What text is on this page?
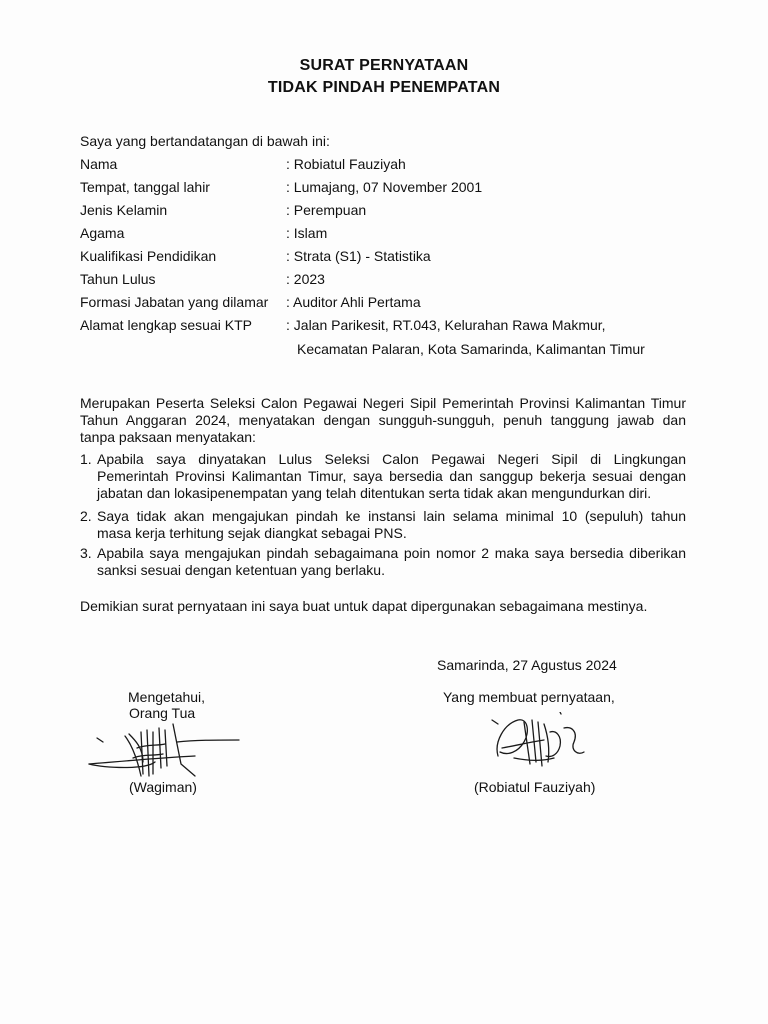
SURAT PERNYATAAN
TIDAK PINDAH PENEMPATAN
Saya yang bertandatangan di bawah ini:
Nama	: Robiatul Fauziyah
Tempat, tanggal lahir	: Lumajang, 07 November 2001
Jenis Kelamin	: Perempuan
Agama	: Islam
Kualifikasi Pendidikan	: Strata (S1) - Statistika
Tahun Lulus	: 2023
Formasi Jabatan yang dilamar : Auditor Ahli Pertama
Alamat lengkap sesuai KTP : Jalan Parikesit, RT.043, Kelurahan Rawa Makmur,
Kecamatan Palaran, Kota Samarinda, Kalimantan Timur
Merupakan Peserta Seleksi Calon Pegawai Negeri Sipil Pemerintah Provinsi Kalimantan Timur
Tahun Anggaran 2024, menyatakan dengan sungguh-sungguh, penuh tanggung jawab dan
tanpa paksaan menyatakan:
1. Apabila saya dinyatakan Lulus Seleksi Calon Pegawai Negeri Sipil di Lingkungan
Pemerintah Provinsi Kalimantan Timur, saya bersedia dan sanggup bekerja sesuai dengan
jabatan dan lokasipenempatan yang telah ditentukan serta tidak akan mengundurkan diri.
2. Saya tidak akan mengajukan pindah ke instansi lain selama minimal 10 (sepuluh) tahun
masa kerja terhitung sejak diangkat sebagai PNS.
3. Apabila saya mengajukan pindah sebagaimana poin nomor 2 maka saya bersedia diberikan
sanksi sesuai dengan ketentuan yang berlaku.
Demikian surat pernyataan ini saya buat untuk dapat dipergunakan sebagaimana mestinya.
Samarinda, 27 Agustus 2024
Mengetahui,
Orang Tua
Yang membuat pernyataan,
(Wagiman)	(Robiatul Fauziyah)
